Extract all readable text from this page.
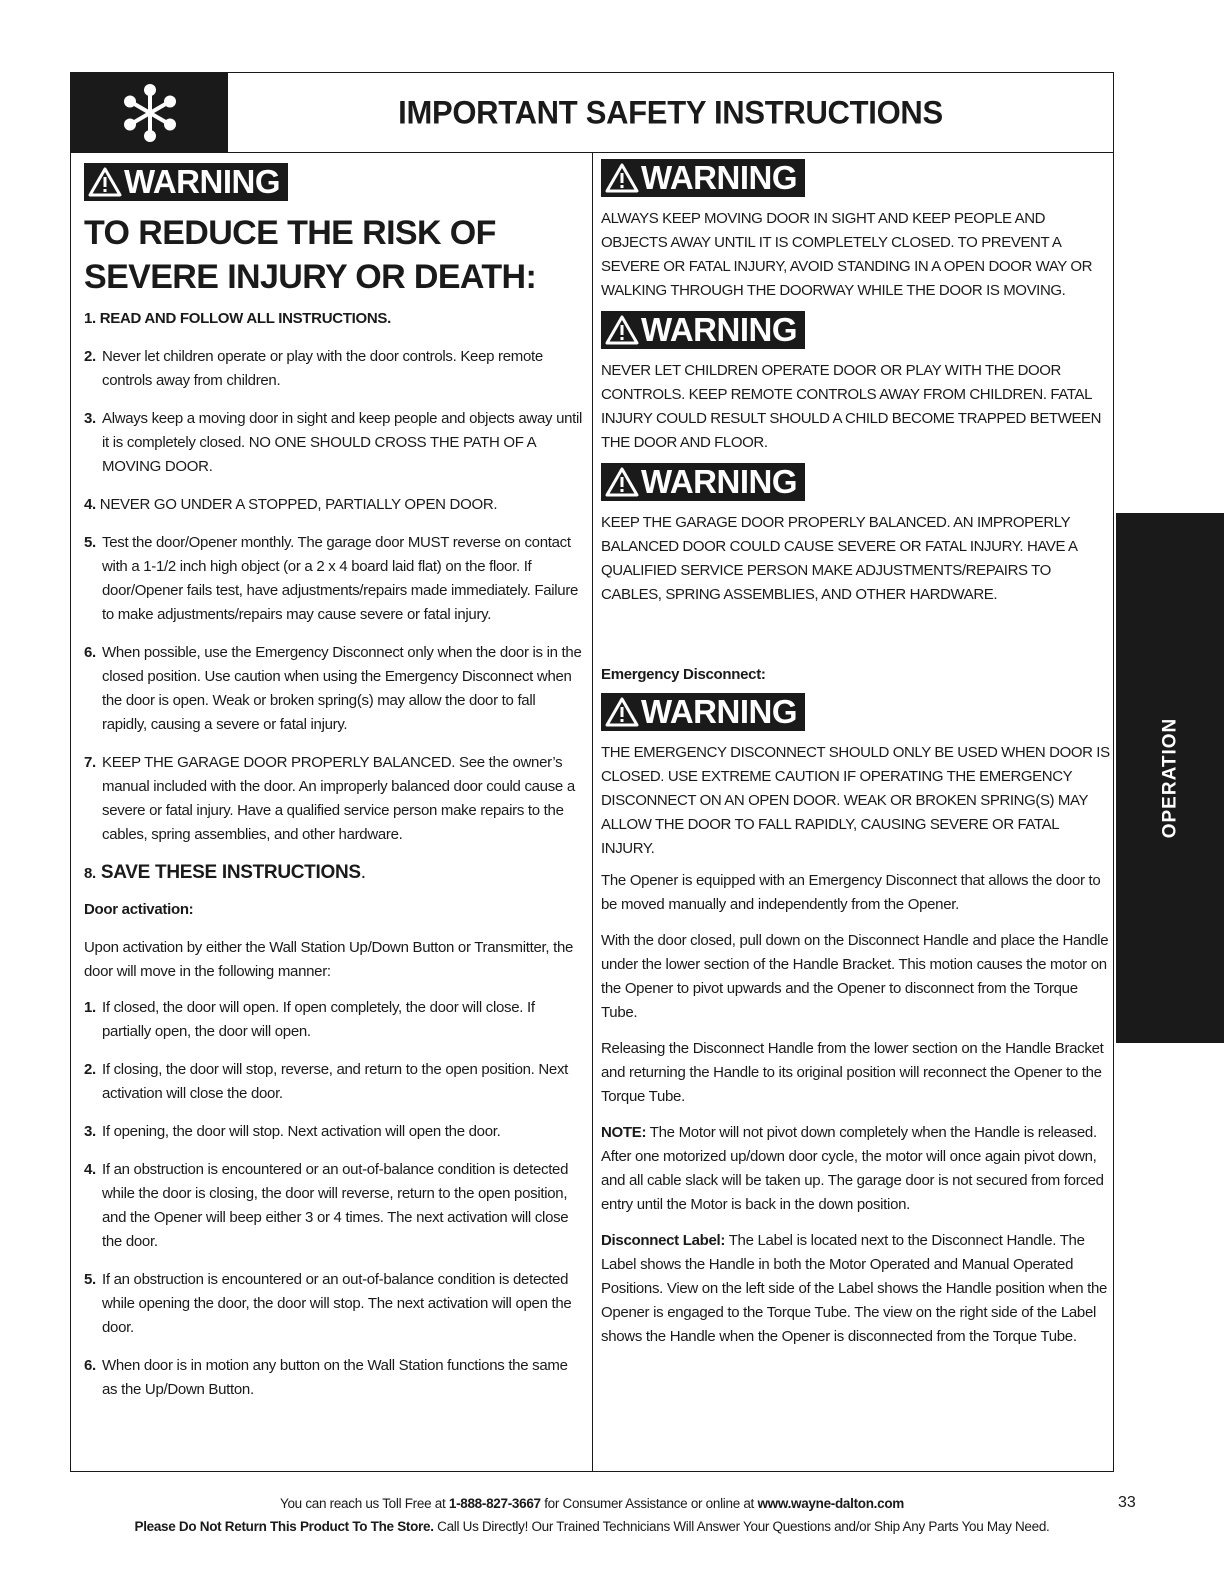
IMPORTANT SAFETY INSTRUCTIONS
WARNING
TO REDUCE THE RISK OF SEVERE INJURY OR DEATH:
1. READ AND FOLLOW ALL INSTRUCTIONS.
2. Never let children operate or play with the door controls. Keep remote controls away from children.
3. Always keep a moving door in sight and keep people and objects away until it is completely closed. NO ONE SHOULD CROSS THE PATH OF A MOVING DOOR.
4. NEVER GO UNDER A STOPPED, PARTIALLY OPEN DOOR.
5. Test the door/Opener monthly. The garage door MUST reverse on contact with a 1-1/2 inch high object (or a 2 x 4 board laid flat) on the floor. If door/Opener fails test, have adjustments/repairs made immediately. Failure to make adjustments/repairs may cause severe or fatal injury.
6. When possible, use the Emergency Disconnect only when the door is in the closed position. Use caution when using the Emergency Disconnect when the door is open. Weak or broken spring(s) may allow the door to fall rapidly, causing a severe or fatal injury.
7. KEEP THE GARAGE DOOR PROPERLY BALANCED. See the owner’s manual included with the door. An improperly balanced door could cause a severe or fatal injury. Have a qualified service person make repairs to the cables, spring assemblies, and other hardware.
8. SAVE THESE INSTRUCTIONS.
Door activation:
Upon activation by either the Wall Station Up/Down Button or Transmitter, the door will move in the following manner:
1. If closed, the door will open. If open completely, the door will close. If partially open, the door will open.
2. If closing, the door will stop, reverse, and return to the open position. Next activation will close the door.
3. If opening, the door will stop. Next activation will open the door.
4. If an obstruction is encountered or an out-of-balance condition is detected while the door is closing, the door will reverse, return to the open position, and the Opener will beep either 3 or 4 times. The next activation will close the door.
5. If an obstruction is encountered or an out-of-balance condition is detected while opening the door, the door will stop. The next activation will open the door.
6. When door is in motion any button on the Wall Station functions the same as the Up/Down Button.
WARNING
ALWAYS KEEP MOVING DOOR IN SIGHT AND KEEP PEOPLE AND OBJECTS AWAY UNTIL IT IS COMPLETELY CLOSED. TO PREVENT A SEVERE OR FATAL INJURY, AVOID STANDING IN A OPEN DOOR WAY OR WALKING THROUGH THE DOORWAY WHILE THE DOOR IS MOVING.
WARNING
NEVER LET CHILDREN OPERATE DOOR OR PLAY WITH THE DOOR CONTROLS. KEEP REMOTE CONTROLS AWAY FROM CHILDREN. FATAL INJURY COULD RESULT SHOULD A CHILD BECOME TRAPPED BETWEEN THE DOOR AND FLOOR.
WARNING
KEEP THE GARAGE DOOR PROPERLY BALANCED. AN IMPROPERLY BALANCED DOOR COULD CAUSE SEVERE OR FATAL INJURY. HAVE A QUALIFIED SERVICE PERSON MAKE ADJUSTMENTS/REPAIRS TO CABLES, SPRING ASSEMBLIES, AND OTHER HARDWARE.
Emergency Disconnect:
WARNING
THE EMERGENCY DISCONNECT SHOULD ONLY BE USED WHEN DOOR IS CLOSED. USE EXTREME CAUTION IF OPERATING THE EMERGENCY DISCONNECT ON AN OPEN DOOR. WEAK OR BROKEN SPRING(S) MAY ALLOW THE DOOR TO FALL RAPIDLY, CAUSING SEVERE OR FATAL INJURY.
The Opener is equipped with an Emergency Disconnect that allows the door to be moved manually and independently from the Opener.
With the door closed, pull down on the Disconnect Handle and place the Handle under the lower section of the Handle Bracket. This motion causes the motor on the Opener to pivot upwards and the Opener to disconnect from the Torque Tube.
Releasing the Disconnect Handle from the lower section on the Handle Bracket and returning the Handle to its original position will reconnect the Opener to the Torque Tube.
NOTE: The Motor will not pivot down completely when the Handle is released. After one motorized up/down door cycle, the motor will once again pivot down, and all cable slack will be taken up. The garage door is not secured from forced entry until the Motor is back in the down position.
Disconnect Label: The Label is located next to the Disconnect Handle. The Label shows the Handle in both the Motor Operated and Manual Operated Positions. View on the left side of the Label shows the Handle position when the Opener is engaged to the Torque Tube. The view on the right side of the Label shows the Handle when the Opener is disconnected from the Torque Tube.
OPERATION
You can reach us Toll Free at 1-888-827-3667 for Consumer Assistance or online at www.wayne-dalton.com
Please Do Not Return This Product To The Store. Call Us Directly! Our Trained Technicians Will Answer Your Questions and/or Ship Any Parts You May Need.
33
